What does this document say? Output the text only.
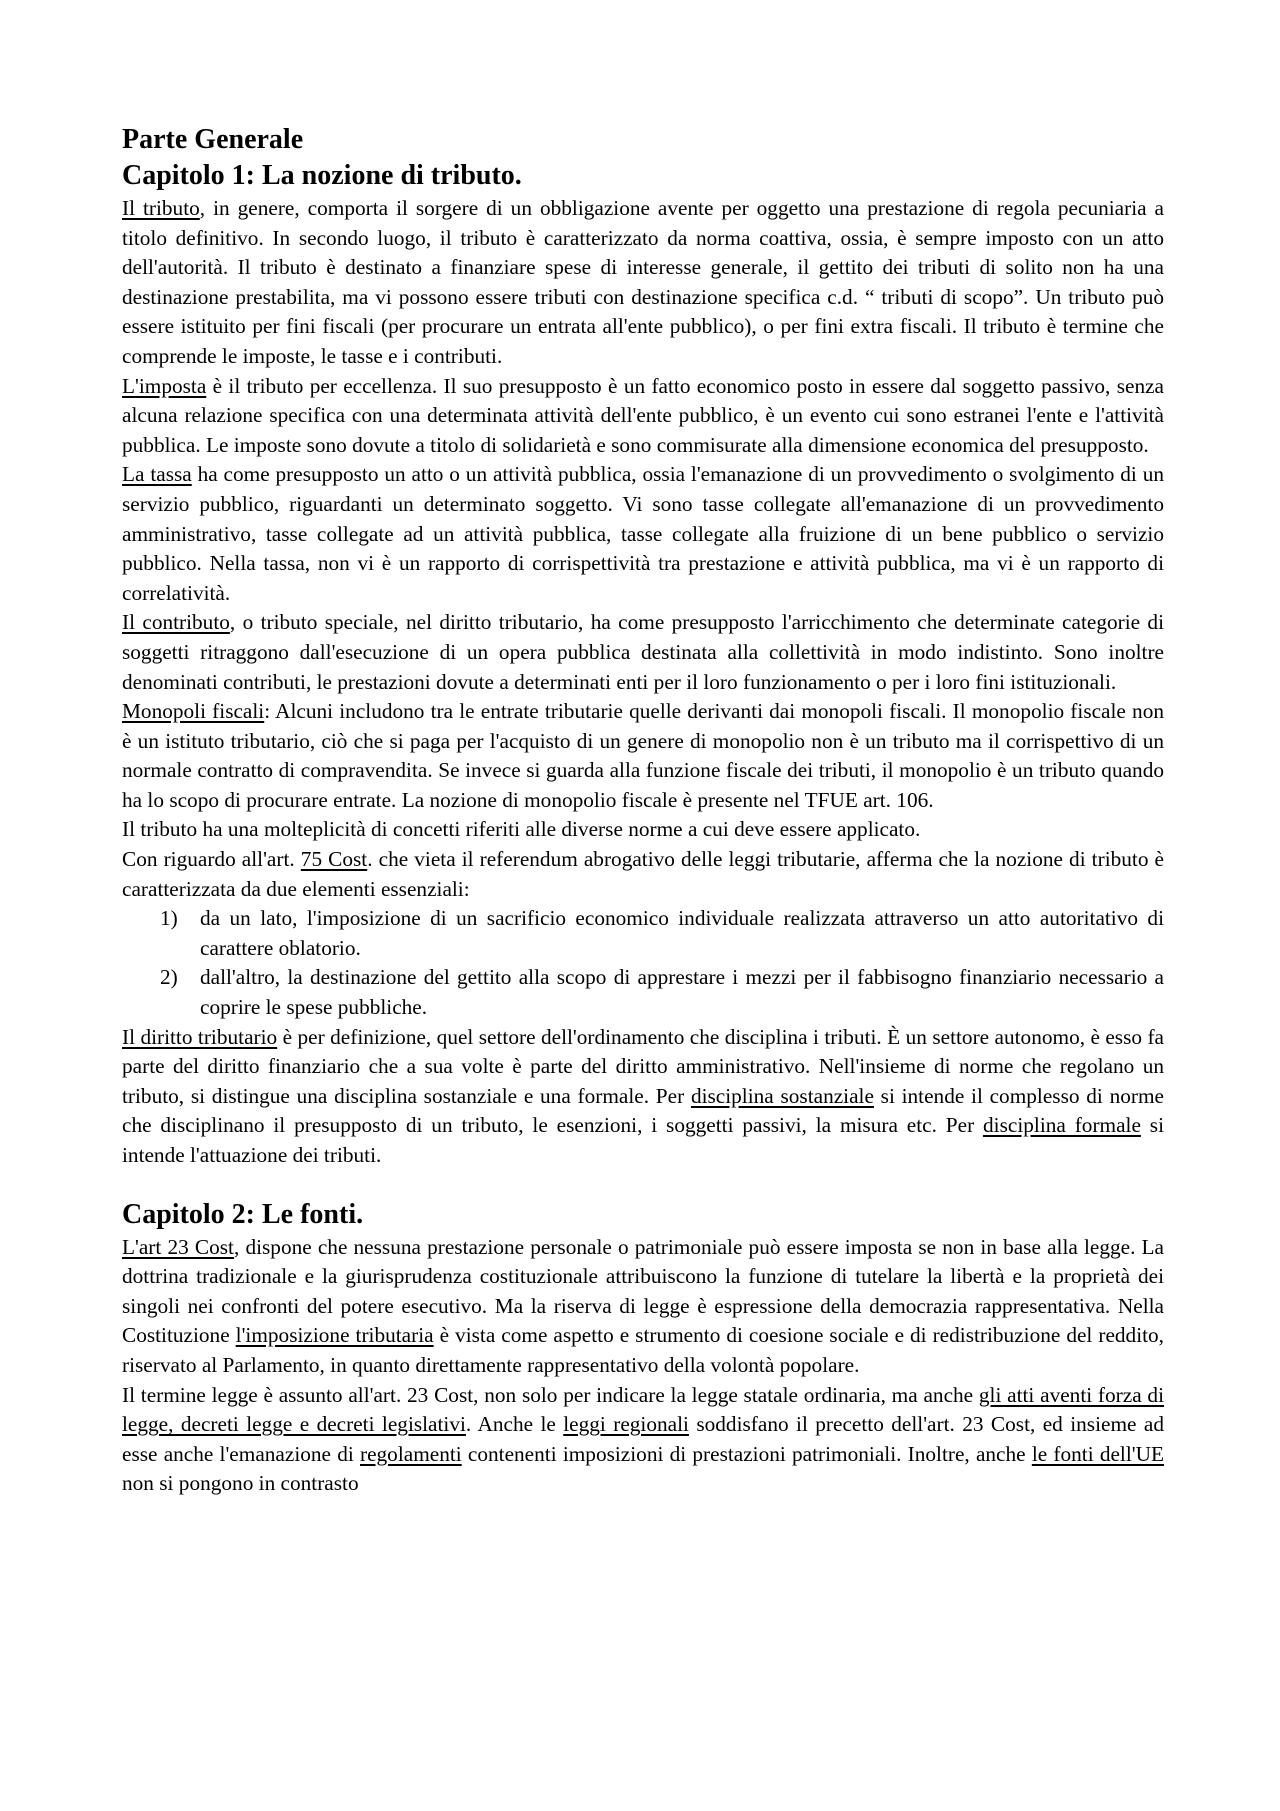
Parte Generale
Capitolo 1: La nozione di tributo.

Il tributo, in genere, comporta il sorgere di un obbligazione avente per oggetto una prestazione di regola pecuniaria a titolo definitivo. In secondo luogo, il tributo è caratterizzato da norma coattiva, ossia, è sempre imposto con un atto dell'autorità. Il tributo è destinato a finanziare spese di interesse generale, il gettito dei tributi di solito non ha una destinazione prestabilita, ma vi possono essere tributi con destinazione specifica c.d. “ tributi di scopo”. Un tributo può essere istituito per fini fiscali (per procurare un entrata all'ente pubblico), o per fini extra fiscali. Il tributo è termine che comprende le imposte, le tasse e i contributi.

L'imposta è il tributo per eccellenza. Il suo presupposto è un fatto economico posto in essere dal soggetto passivo, senza alcuna relazione specifica con una determinata attività dell'ente pubblico, è un evento cui sono estranei l'ente e l'attività pubblica. Le imposte sono dovute a titolo di solidarietà e sono commisurate alla dimensione economica del presupposto.

La tassa ha come presupposto un atto o un attività pubblica, ossia l'emanazione di un provvedimento o svolgimento di un servizio pubblico, riguardanti un determinato soggetto. Vi sono tasse collegate all'emanazione di un provvedimento amministrativo, tasse collegate ad un attività pubblica, tasse collegate alla fruizione di un bene pubblico o servizio pubblico. Nella tassa, non vi è un rapporto di corrispettività tra prestazione e attività pubblica, ma vi è un rapporto di correlatività.

Il contributo, o tributo speciale, nel diritto tributario, ha come presupposto l'arricchimento che determinate categorie di soggetti ritraggono dall'esecuzione di un opera pubblica destinata alla collettività in modo indistinto. Sono inoltre denominati contributi, le prestazioni dovute a determinati enti per il loro funzionamento o per i loro fini istituzionali.

Monopoli fiscali: Alcuni includono tra le entrate tributarie quelle derivanti dai monopoli fiscali. Il monopolio fiscale non è un istituto tributario, ciò che si paga per l'acquisto di un genere di monopolio non è un tributo ma il corrispettivo di un normale contratto di compravendita. Se invece si guarda alla funzione fiscale dei tributi, il monopolio è un tributo quando ha lo scopo di procurare entrate. La nozione di monopolio fiscale è presente nel TFUE art. 106.

Il tributo ha una molteplicità di concetti riferiti alle diverse norme a cui deve essere applicato.

Con riguardo all'art. 75 Cost. che vieta il referendum abrogativo delle leggi tributarie, afferma che la nozione di tributo è caratterizzata da due elementi essenziali:

1) da un lato, l'imposizione di un sacrificio economico individuale realizzata attraverso un atto autoritativo di carattere oblatorio.
2) dall'altro, la destinazione del gettito alla scopo di apprestare i mezzi per il fabbisogno finanziario necessario a coprire le spese pubbliche.

Il diritto tributario è per definizione, quel settore dell'ordinamento che disciplina i tributi. È un settore autonomo, è esso fa parte del diritto finanziario che a sua volte è parte del diritto amministrativo. Nell'insieme di norme che regolano un tributo, si distingue una disciplina sostanziale e una formale. Per disciplina sostanziale si intende il complesso di norme che disciplinano il presupposto di un tributo, le esenzioni, i soggetti passivi, la misura etc. Per disciplina formale si intende l'attuazione dei tributi.

Capitolo 2: Le fonti.

L'art 23 Cost, dispone che nessuna prestazione personale o patrimoniale può essere imposta se non in base alla legge. La dottrina tradizionale e la giurisprudenza costituzionale attribuiscono la funzione di tutelare la libertà e la proprietà dei singoli nei confronti del potere esecutivo. Ma la riserva di legge è espressione della democrazia rappresentativa. Nella Costituzione l'imposizione tributaria è vista come aspetto e strumento di coesione sociale e di redistribuzione del reddito, riservato al Parlamento, in quanto direttamente rappresentativo della volontà popolare.

Il termine legge è assunto all'art. 23 Cost, non solo per indicare la legge statale ordinaria, ma anche gli atti aventi forza di legge, decreti legge e decreti legislativi. Anche le leggi regionali soddisfano il precetto dell'art. 23 Cost, ed insieme ad esse anche l'emanazione di regolamenti contenenti imposizioni di prestazioni patrimoniali. Inoltre, anche le fonti dell'UE non si pongono in contrasto
